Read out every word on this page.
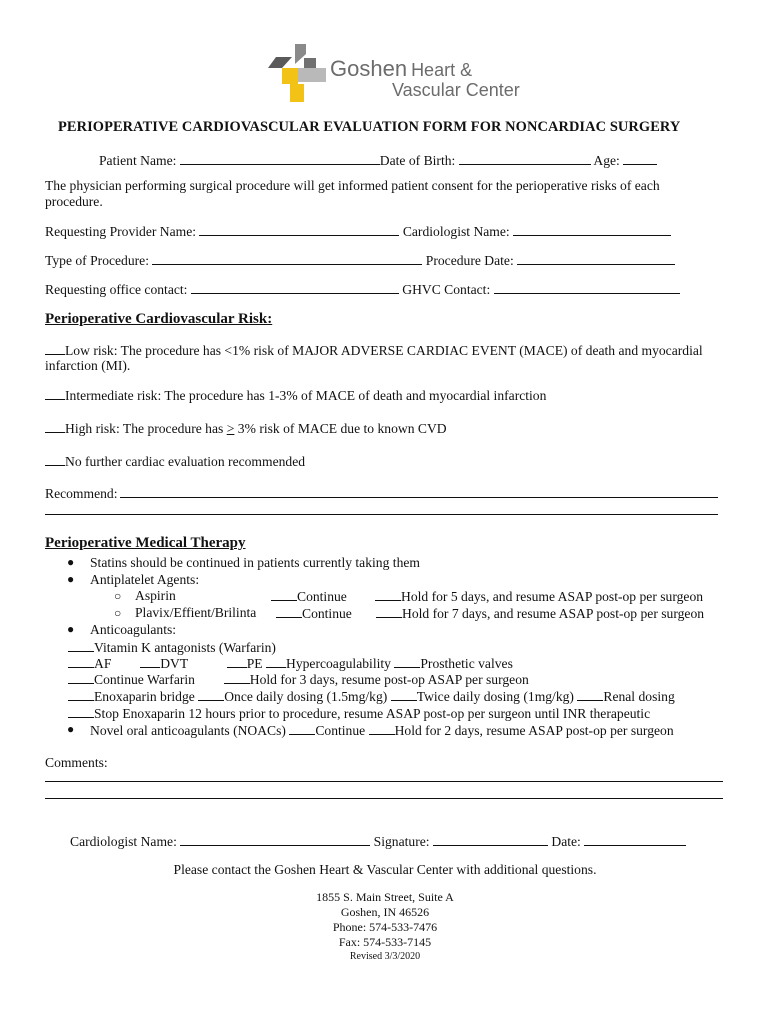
Goshen Heart &
Vascular Center
PERIOPERATIVE CARDIOVASCULAR EVALUATION FORM FOR NONCARDIAC SURGERY
Patient Name:	Date of Birth:	Age:
The physician performing surgical procedure will get informed patient consent for the perioperative risks of each
procedure.
Requesting Provider Name:	Cardiologist Name:
Type of Procedure:	Procedure Date:
Requesting office contact:	GHVC Contact:
Perioperative Cardiovascular Risk:
Low risk: The procedure has <1% risk of MAJOR ADVERSE CARDIAC EVENT (MACE) of death and myocardial
infarction (MI).
Intermediate risk: The procedure has 1-3% of MACE of death and myocardial infarction
High risk: The procedure has > 3% risk of MACE due to known CVD
No further cardiac evaluation recommended
Recommend:
Perioperative Medical Therapy
● Statins should be continued in patients currently taking them
● Antiplatelet Agents:
○ Aspirin	Continue	Hold for 5 days, and resume ASAP post-op per surgeon
○ Plavix/Effient/Brilinta	Continue	Hold for 7 days, and resume ASAP post-op per surgeon
● Anticoagulants:
Vitamin K antagonists (Warfarin)
AF	DVT	PE Hypercoagulability Prosthetic valves
Continue Warfarin	Hold for 3 days, resume post-op ASAP per surgeon
Enoxaparin bridge Once daily dosing (1.5mg/kg) Twice daily dosing (1mg/kg) Renal dosing
Stop Enoxaparin 12 hours prior to procedure, resume ASAP post-op per surgeon until INR therapeutic
● Novel oral anticoagulants (NOACs) Continue Hold for 2 days, resume ASAP post-op per surgeon
Comments:
Cardiologist Name:	Signature:	Date:
Please contact the Goshen Heart & Vascular Center with additional questions.
1855 S. Main Street, Suite A
Goshen, IN 46526
Phone: 574-533-7476
Fax: 574-533-7145
Revised 3/3/2020
